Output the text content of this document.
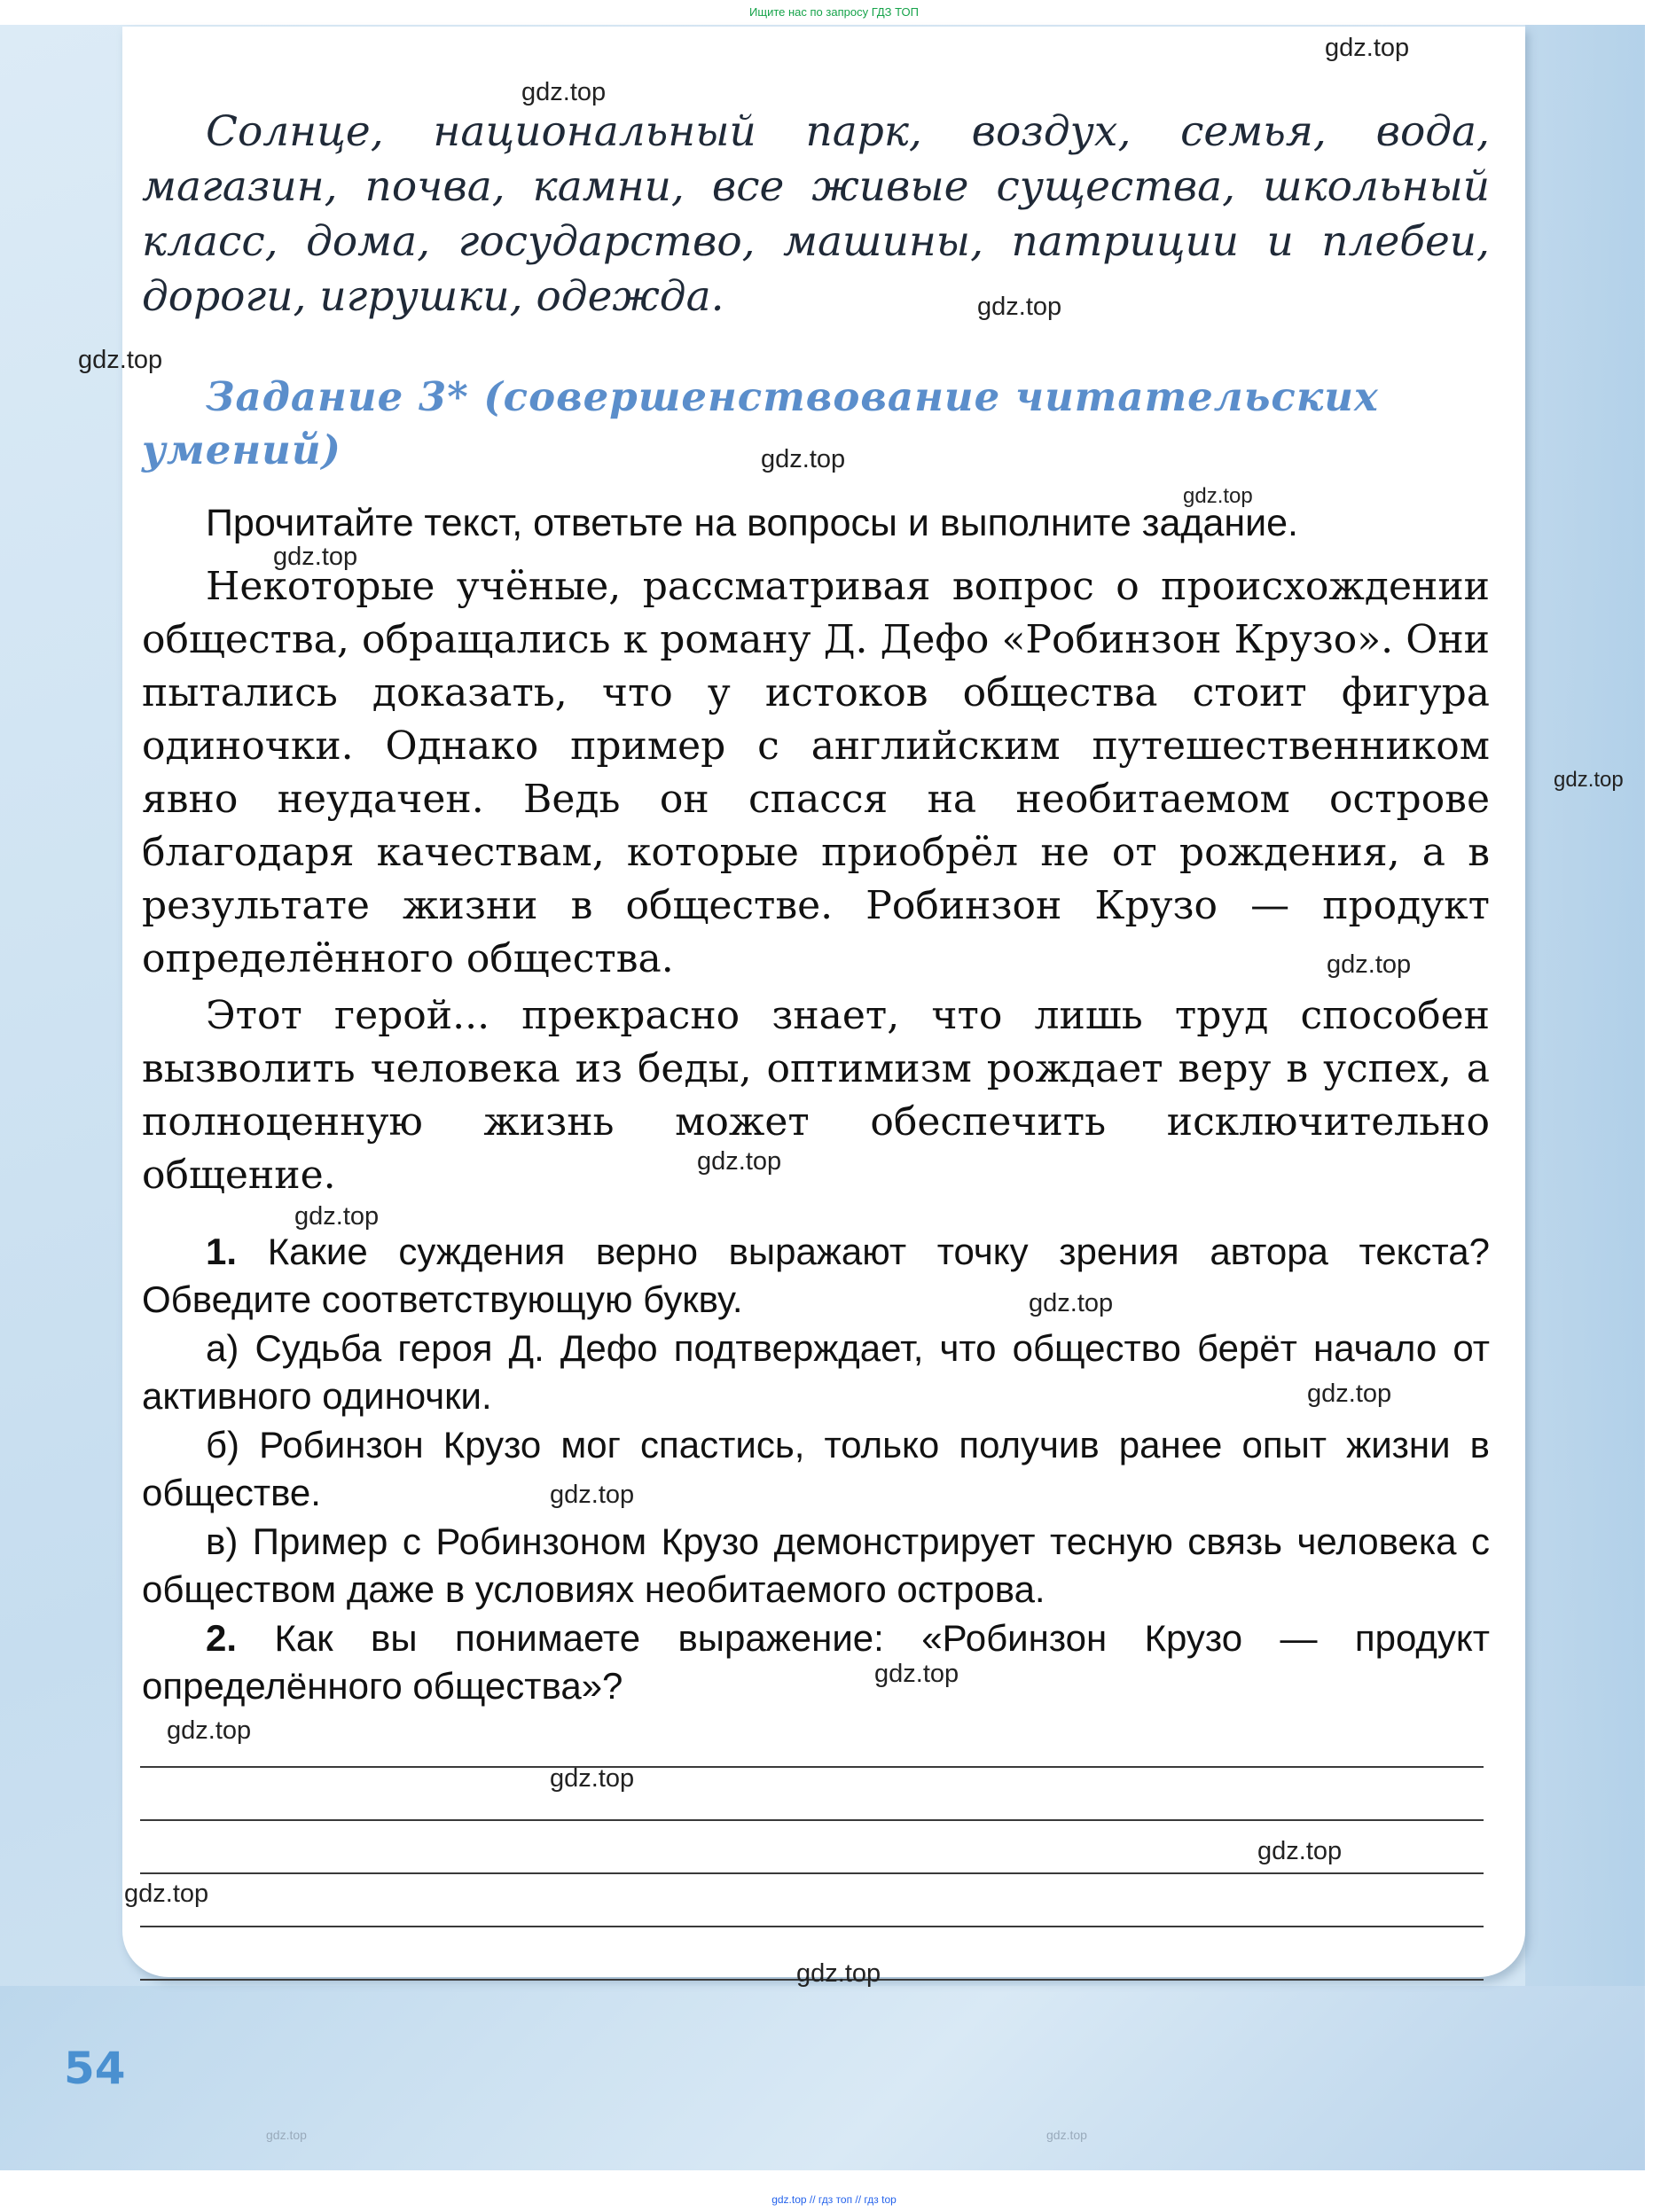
Ищите нас по запросу ГДЗ ТОП

Солнце, национальный парк, воздух, семья, вода, магазин, почва, камни, все живые существа, школьный класс, дома, государство, машины, патриции и плебеи, дороги, игрушки, одежда.

Задание 3* (совершенствование читательских умений)

Прочитайте текст, ответьте на вопросы и выполните задание.

Некоторые учёные, рассматривая вопрос о происхождении общества, обращались к роману Д. Дефо «Робинзон Крузо». Они пытались доказать, что у истоков общества стоит фигура одиночки. Однако пример с английским путешественником явно неудачен. Ведь он спасся на необитаемом острове благодаря качествам, которые приобрёл не от рождения, а в результате жизни в обществе. Робинзон Крузо — продукт определённого общества.

Этот герой... прекрасно знает, что лишь труд способен вызволить человека из беды, оптимизм рождает веру в успех, а полноценную жизнь может обеспечить исключительно общение.

1. Какие суждения верно выражают точку зрения автора текста? Обведите соответствующую букву.

а) Судьба героя Д. Дефо подтверждает, что общество берёт начало от активного одиночки.

б) Робинзон Крузо мог спастись, только получив ранее опыт жизни в обществе.

в) Пример с Робинзоном Крузо демонстрирует тесную связь человека с обществом даже в условиях необитаемого острова.

2. Как вы понимаете выражение: «Робинзон Крузо — продукт определённого общества»?

54
gdz.top
gdz.top
gdz.top
gdz.top
gdz.top
gdz.top
gdz.top
gdz.top
gdz.top
gdz.top
gdz.top
gdz.top
gdz.top
gdz.top
gdz.top
gdz.top
gdz.top
gdz.top
gdz.top
gdz.top
gdz.top
gdz.top
gdz.top // гдз топ // гдз top
